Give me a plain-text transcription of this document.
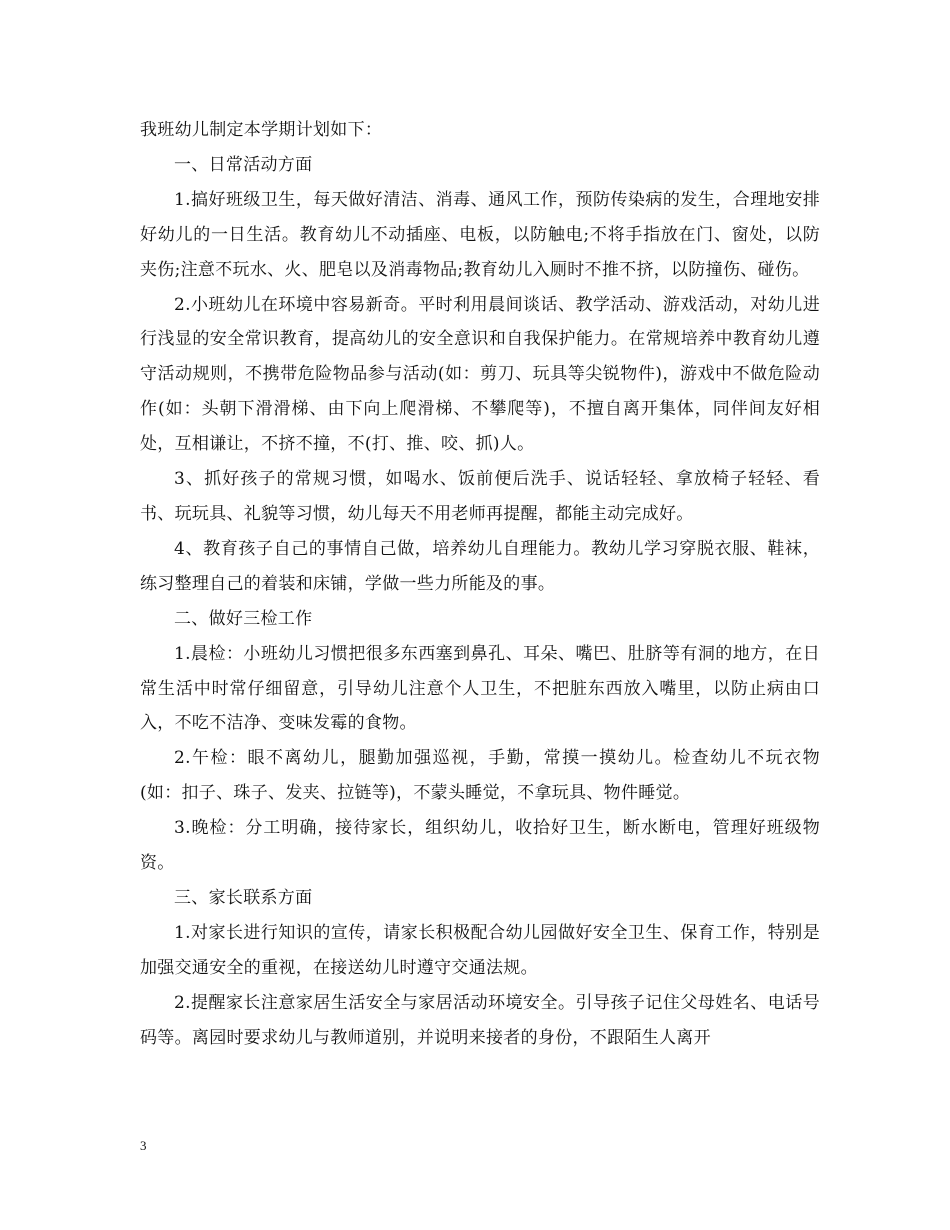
我班幼儿制定本学期计划如下：

一、日常活动方面

1.搞好班级卫生，每天做好清洁、消毒、通风工作，预防传染病的发生，合理地安排好幼儿的一日生活。教育幼儿不动插座、电板，以防触电;不将手指放在门、窗处，以防夹伤;注意不玩水、火、肥皂以及消毒物品;教育幼儿入厕时不推不挤，以防撞伤、碰伤。

2.小班幼儿在环境中容易新奇。平时利用晨间谈话、教学活动、游戏活动，对幼儿进行浅显的安全常识教育，提高幼儿的安全意识和自我保护能力。在常规培养中教育幼儿遵守活动规则，不携带危险物品参与活动(如：剪刀、玩具等尖锐物件)，游戏中不做危险动作(如：头朝下滑滑梯、由下向上爬滑梯、不攀爬等)，不擅自离开集体，同伴间友好相处，互相谦让，不挤不撞，不(打、推、咬、抓)人。

3、抓好孩子的常规习惯，如喝水、饭前便后洗手、说话轻轻、拿放椅子轻轻、看书、玩玩具、礼貌等习惯，幼儿每天不用老师再提醒，都能主动完成好。

4、教育孩子自己的事情自己做，培养幼儿自理能力。教幼儿学习穿脱衣服、鞋袜，练习整理自己的着装和床铺，学做一些力所能及的事。

二、做好三检工作

1.晨检：小班幼儿习惯把很多东西塞到鼻孔、耳朵、嘴巴、肚脐等有洞的地方，在日常生活中时常仔细留意，引导幼儿注意个人卫生，不把脏东西放入嘴里，以防止病由口入，不吃不洁净、变味发霉的食物。

2.午检：眼不离幼儿，腿勤加强巡视，手勤，常摸一摸幼儿。检查幼儿不玩衣物(如：扣子、珠子、发夹、拉链等)，不蒙头睡觉，不拿玩具、物件睡觉。

3.晚检：分工明确，接待家长，组织幼儿，收拾好卫生，断水断电，管理好班级物资。

三、家长联系方面

1.对家长进行知识的宣传，请家长积极配合幼儿园做好安全卫生、保育工作，特别是加强交通安全的重视，在接送幼儿时遵守交通法规。

2.提醒家长注意家居生活安全与家居活动环境安全。引导孩子记住父母姓名、电话号码等。离园时要求幼儿与教师道别，并说明来接者的身份，不跟陌生人离开

3
